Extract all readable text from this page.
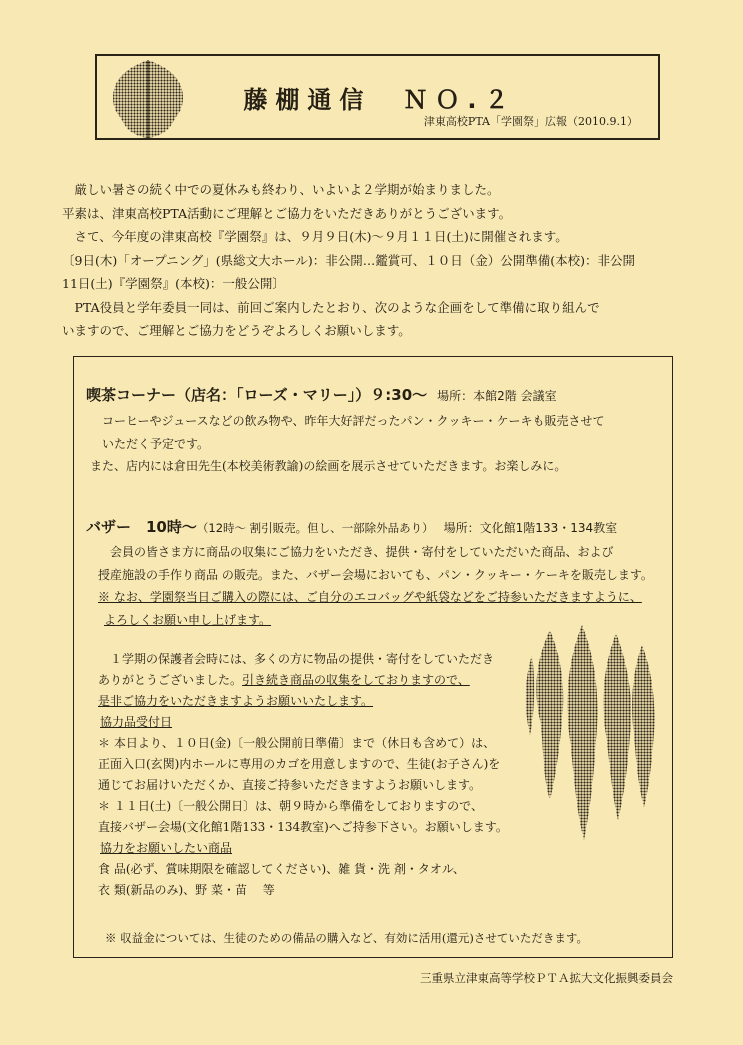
藤棚通信　ＮＯ.２
津東高校PTA「学園祭」広報（2010.9.1）

　厳しい暑さの続く中での夏休みも終わり、いよいよ２学期が始まりました。

平素は、津東高校PTA活動にご理解とご協力をいただきありがとうございます。

　さて、今年度の津東高校『学園祭』は、９月９日(木)～９月１１日(土)に開催されます。

〔9日(木)「オープニング」(県総文大ホール)：非公開…鑑賞可、１０日（金）公開準備(本校)：非公開

11日(土)『学園祭』(本校)：一般公開〕

　PTA役員と学年委員一同は、前回ご案内したとおり、次のような企画をして準備に取り組んで

いますので、ご理解とご協力をどうぞよろしくお願いします。

喫茶コーナー（店名：｢ローズ・マリー｣）９:30～ 場所：本館2階 会議室

　コーヒーやジュースなどの飲み物や、昨年大好評だったパン・クッキー・ケーキも販売させて

　いただく予定です。

また、店内には倉田先生(本校美術教諭)の絵画を展示させていただきます。お楽しみに。

バザー　10時～（12時～ 割引販売。但し、一部除外品あり） 場所：文化館1階133・134教室

　会員の皆さま方に商品の収集にご協力をいただき、提供・寄付をしていただいた商品、および

授産施設の手作り商品 の販売。また、バザー会場においても、パン・クッキー・ケーキを販売します。

※ なお、学園祭当日ご購入の際には、ご自分のエコバッグや紙袋などをご持参いただきますように、

よろしくお願い申し上げます。

　１学期の保護者会時には、多くの方に物品の提供・寄付をしていただき

ありがとうございました。引き続き商品の収集をしておりますので、

是非ご協力をいただきますようお願いいたします。

協力品受付日

＊ 本日より、１０日(金)〔一般公開前日準備〕まで（休日も含めて）は、

正面入口(玄関)内ホールに専用のカゴを用意しますので、生徒(お子さん)を

通じてお届けいただくか、直接ご持参いただきますようお願いします。

＊ １１日(土)〔一般公開日〕は、朝９時から準備をしておりますので、

直接バザー会場(文化館1階133・134教室)へご持参下さい。お願いします。

協力をお願いしたい商品

食 品(必ず、賞味期限を確認してください)、雑 貨・洗 剤・タオル、

衣 類(新品のみ)、野 菜・苗　 等

※ 収益金については、生徒のための備品の購入など、有効に活用(還元)させていただきます。
三重県立津東高等学校ＰＴＡ拡大文化振興委員会
